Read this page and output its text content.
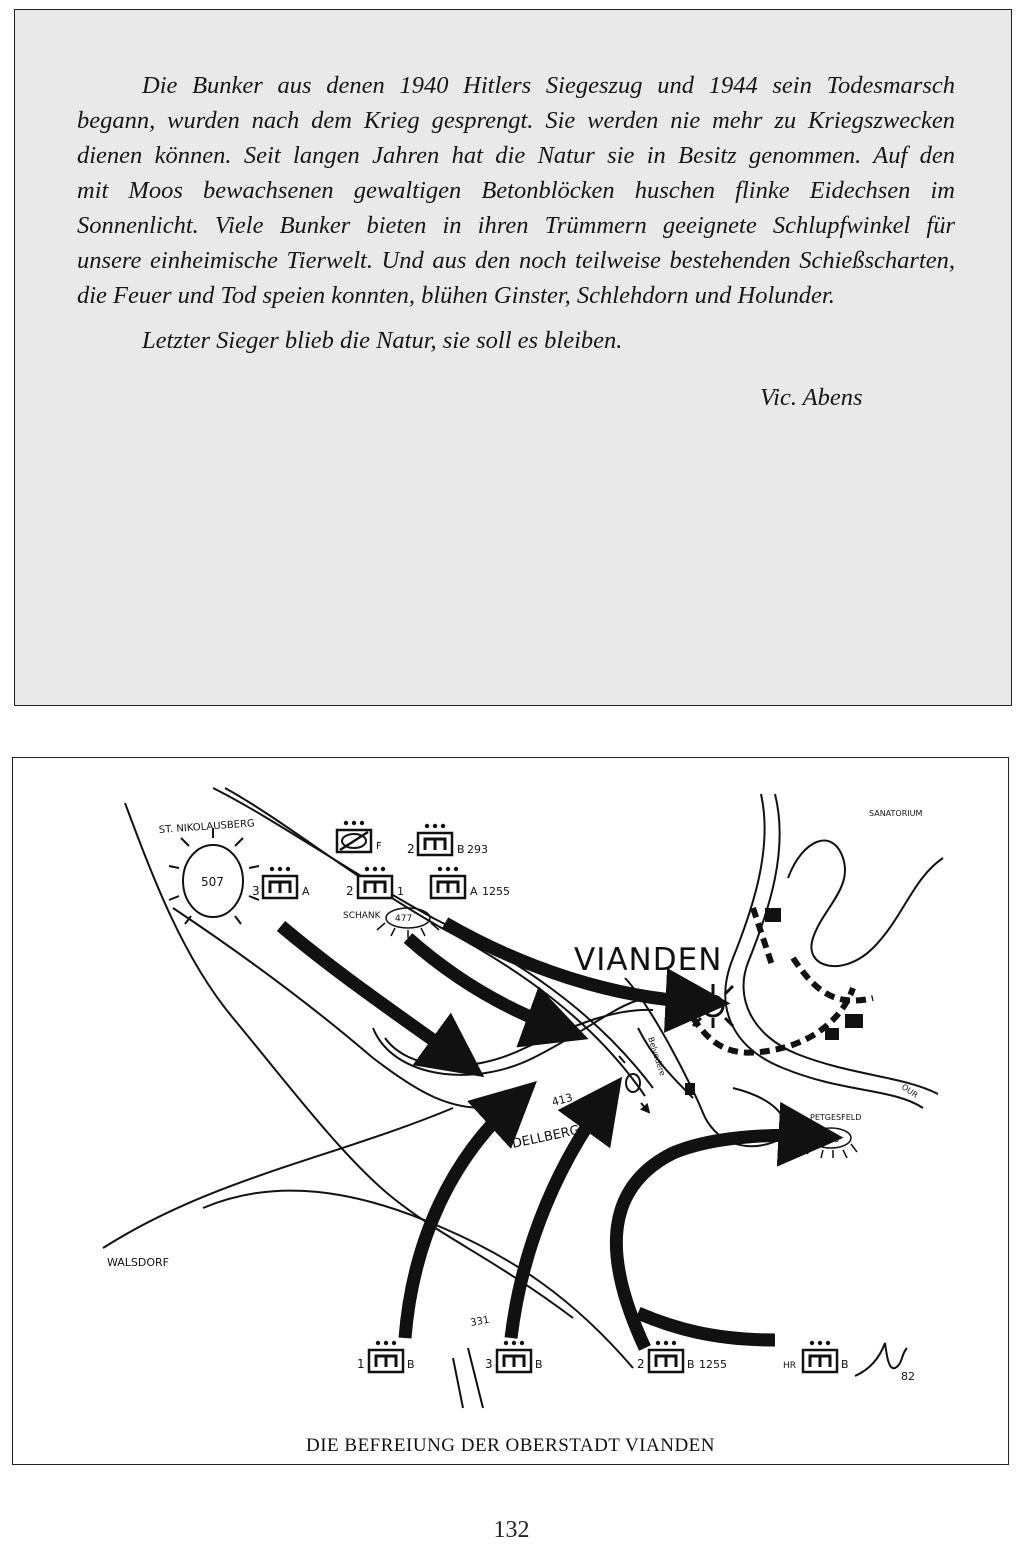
Die Bunker aus denen 1940 Hitlers Siegeszug und 1944 sein Todesmarsch
begann, wurden nach dem Krieg gesprengt. Sie werden nie mehr zu Kriegszwecken
dienen können. Seit langen Jahren hat die Natur sie in Besitz genommen. Auf den
mit Moos bewachsenen gewaltigen Betonblöcken huschen flinke Eidechsen im
Sonnenlicht. Viele Bunker bieten in ihren Trümmern geeignete Schlupfwinkel für
unsere einheimische Tierwelt. Und aus den noch teilweise bestehenden Schießscharten,
die Feuer und Tod speien konnten, blühen Ginster, Schlehdorn und Holunder.

Letzter Sieger blieb die Natur, sie soll es bleiben.

Vic. Abens

F 2	B 293
3	A	2	1	A 1255
1	B	3	B	2	B 1255	HR	B
ST. NIKOLAUSBERG
507
SCHANK 477
VIANDEN
SANATORIUM
Belvedere
413
DELLBERG
PETGESFELD
318
OUR
WALSDORF
331
82

DIE BEFREIUNG DER OBERSTADT VIANDEN

132
